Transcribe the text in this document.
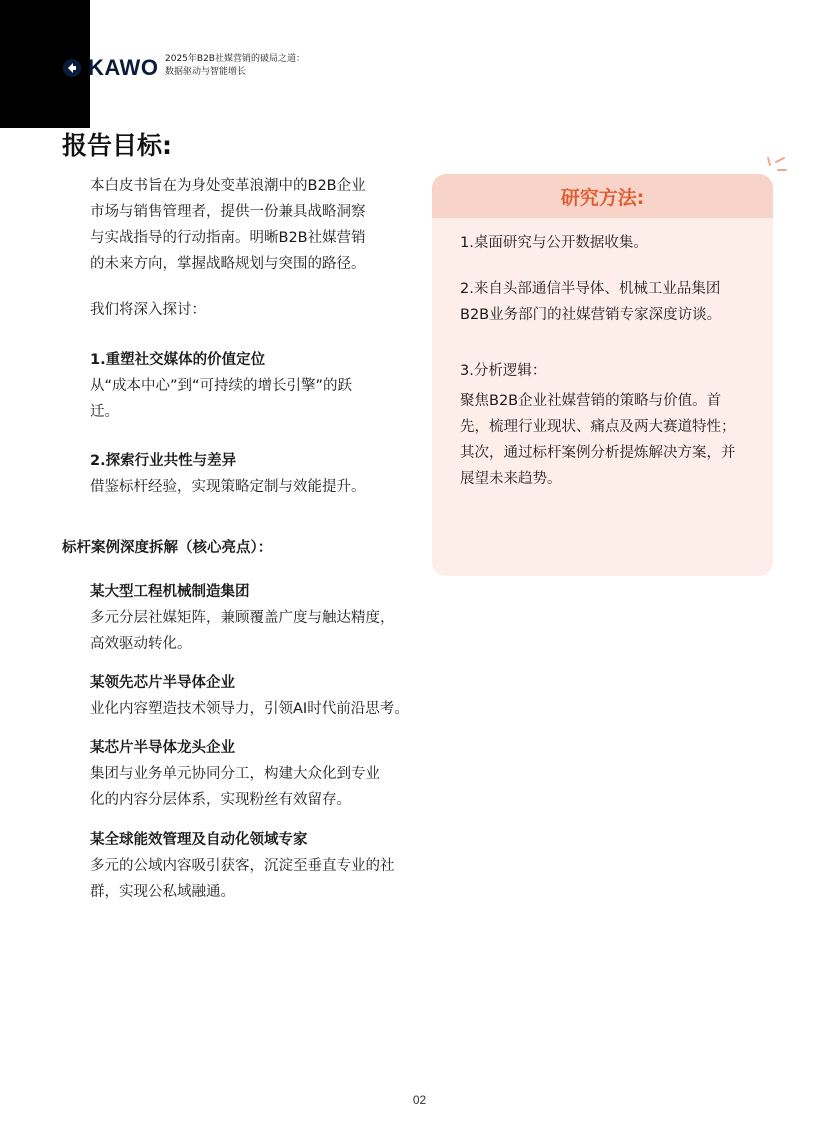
KAWO 2025年B2B社媒营销的破局之道：
数据驱动与智能增长
报告目标:

本白皮书旨在为身处变革浪潮中的B2B企业

市场与销售管理者，提供一份兼具战略洞察

与实战指导的行动指南。明晰B2B社媒营销

的未来方向，掌握战略规划与突围的路径。

我们将深入探讨：

1.重塑社交媒体的价值定位

从“成本中心”到“可持续的增长引擎”的跃

迁。

2.探索行业共性与差异

借鉴标杆经验，实现策略定制与效能提升。

标杆案例深度拆解（核心亮点）：

某大型工程机械制造集团

多元分层社媒矩阵，兼顾覆盖广度与触达精度，

高效驱动转化。

某领先芯片半导体企业

业化内容塑造技术领导力，引领AI时代前沿思考。

某芯片半导体龙头企业

集团与业务单元协同分工，构建大众化到专业

化的内容分层体系，实现粉丝有效留存。

某全球能效管理及自动化领域专家

多元的公域内容吸引获客，沉淀至垂直专业的社

群，实现公私域融通。

研究方法:

1.桌面研究与公开数据收集。

2.来自头部通信半导体、机械工业品集团

B2B业务部门的社媒营销专家深度访谈。

3.分析逻辑：

聚焦B2B企业社媒营销的策略与价值。首

先，梳理行业现状、痛点及两大赛道特性；

其次，通过标杆案例分析提炼解决方案，并

展望未来趋势。

02
